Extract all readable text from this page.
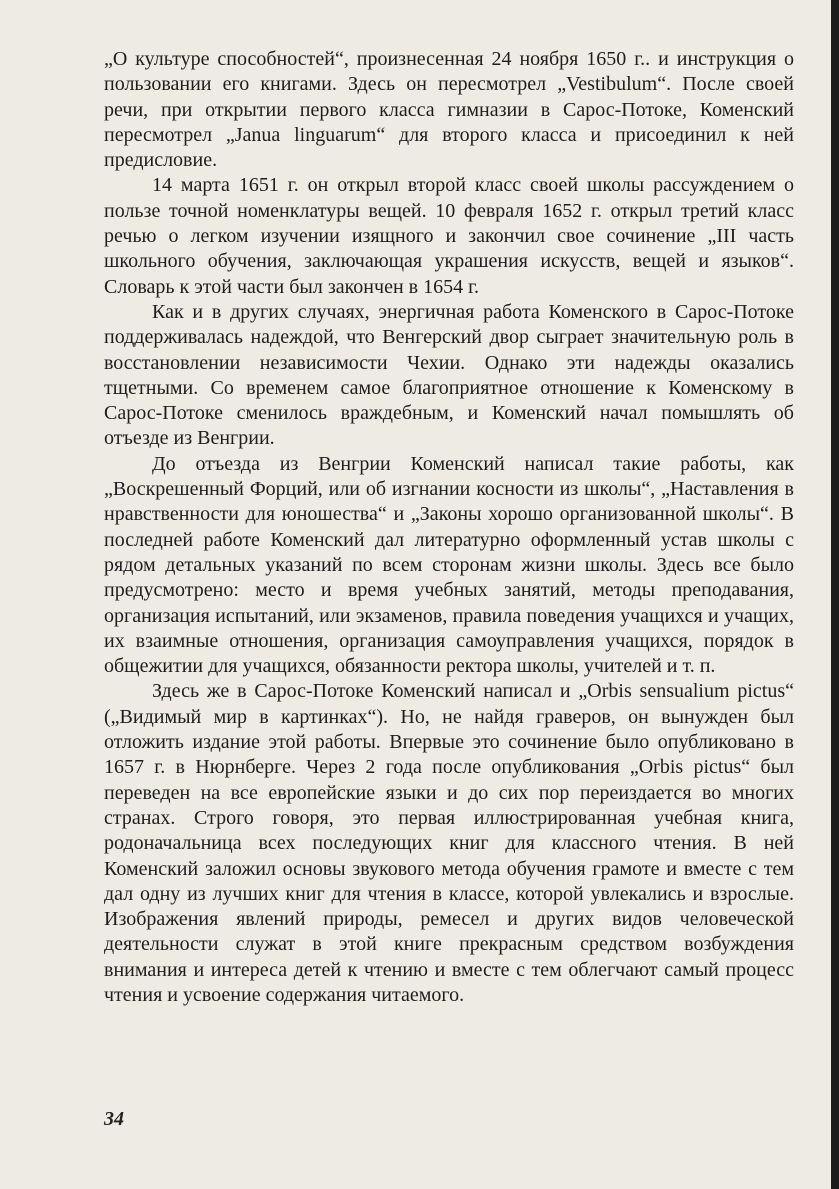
„О культуре способностей“, произнесенная 24 ноября 1650 г.. и инструкция о пользовании его книгами. Здесь он пересмотрел „Vestibulum“. После своей речи, при открытии первого класса гимназии в Сарос-Потоке, Коменский пересмотрел „Janua linguarum“ для второго класса и присоединил к ней предисловие.

14 марта 1651 г. он открыл второй класс своей школы рассуждением о пользе точной номенклатуры вещей. 10 февраля 1652 г. открыл третий класс речью о легком изучении изящного и закончил свое сочинение „III часть школьного обучения, заключающая украшения искусств, вещей и языков“. Словарь к этой части был закончен в 1654 г.

Как и в других случаях, энергичная работа Коменского в Сарос-Потоке поддерживалась надеждой, что Венгерский двор сыграет значительную роль в восстановлении независимости Чехии. Однако эти надежды оказались тщетными. Со временем самое благоприятное отношение к Коменскому в Сарос-Потоке сменилось враждебным, и Коменский начал помышлять об отъезде из Венгрии.

До отъезда из Венгрии Коменский написал такие работы, как „Воскрешенный Форций, или об изгнании косности из школы“, „Наставления в нравственности для юношества“ и „Законы хорошо организованной школы“. В последней работе Коменский дал литературно оформленный устав школы с рядом детальных указаний по всем сторонам жизни школы. Здесь все было предусмотрено: место и время учебных занятий, методы преподавания, организация испытаний, или экзаменов, правила поведения учащихся и учащих, их взаимные отношения, организация самоуправления учащихся, порядок в общежитии для учащихся, обязанности ректора школы, учителей и т. п.

Здесь же в Сарос-Потоке Коменский написал и „Orbis sensualium pictus“ („Видимый мир в картинках“). Но, не найдя граверов, он вынужден был отложить издание этой работы. Впервые это сочинение было опубликовано в 1657 г. в Нюрнберге. Через 2 года после опубликования „Orbis pictus“ был переведен на все европейские языки и до сих пор переиздается во многих странах. Строго говоря, это первая иллюстрированная учебная книга, родоначальница всех последующих книг для классного чтения. В ней Коменский заложил основы звукового метода обучения грамоте и вместе с тем дал одну из лучших книг для чтения в классе, которой увлекались и взрослые. Изображения явлений природы, ремесел и других видов человеческой деятельности служат в этой книге прекрасным средством возбуждения внимания и интереса детей к чтению и вместе с тем облегчают самый процесс чтения и усвоение содержания читаемого.

34
